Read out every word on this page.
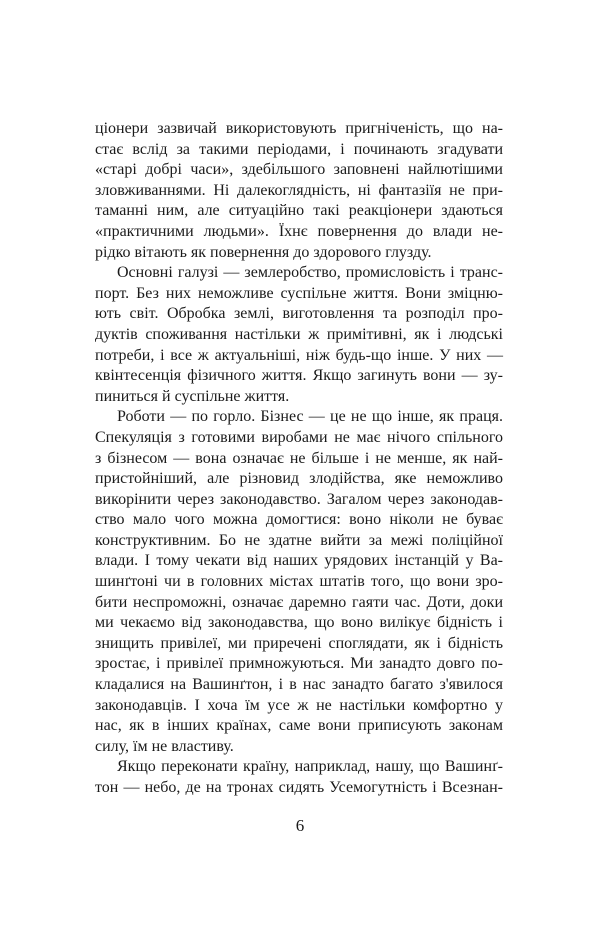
ціонери зазвичай використовують пригніченість, що на-
стає вслід за такими періодами, і починають згадувати
«старі добрі часи», здебільшого заповнені найлютішими
зловживаннями. Ні далекоглядність, ні фантазіїя не при-
таманні ним, але ситуаційно такі реакціонери здаються
«практичними людьми». Їхнє повернення до влади не-
рідко вітають як повернення до здорового глузду.
Основні галузі — землеробство, промисловість і транс-
порт. Без них неможливе суспільне життя. Вони зміцню-
ють світ. Обробка землі, виготовлення та розподіл про-
дуктів споживання настільки ж примітивні, як і людські
потреби, і все ж актуальніші, ніж будь-що інше. У них —
квінтесенція фізичного життя. Якщо загинуть вони — зу-
пиниться й суспільне життя.
Роботи — по горло. Бізнес — це не що інше, як праця.
Спекуляція з готовими виробами не має нічого спільного
з бізнесом — вона означає не більше і не менше, як най-
пристойніший, але різновид злодійства, яке неможливо
викорінити через законодавство. Загалом через законодав-
ство мало чого можна домогтися: воно ніколи не буває
конструктивним. Бо не здатне вийти за межі поліційної
влади. І тому чекати від наших урядових інстанцій у Ва-
шинґтоні чи в головних містах штатів того, що вони зро-
бити неспроможні, означає даремно гаяти час. Доти, доки
ми чекаємо від законодавства, що воно вилікує бідність і
знищить привілеї, ми приречені споглядати, як і бідність
зростає, і привілеї примножуються. Ми занадто довго по-
кладалися на Вашинґтон, і в нас занадто багато з'явилося
законодавців. І хоча їм усе ж не настільки комфортно у
нас, як в інших країнах, саме вони приписують законам
силу, їм не властиву.
Якщо переконати країну, наприклад, нашу, що Вашинґ-
тон — небо, де на тронах сидять Усемогутність і Всезнан-
6
